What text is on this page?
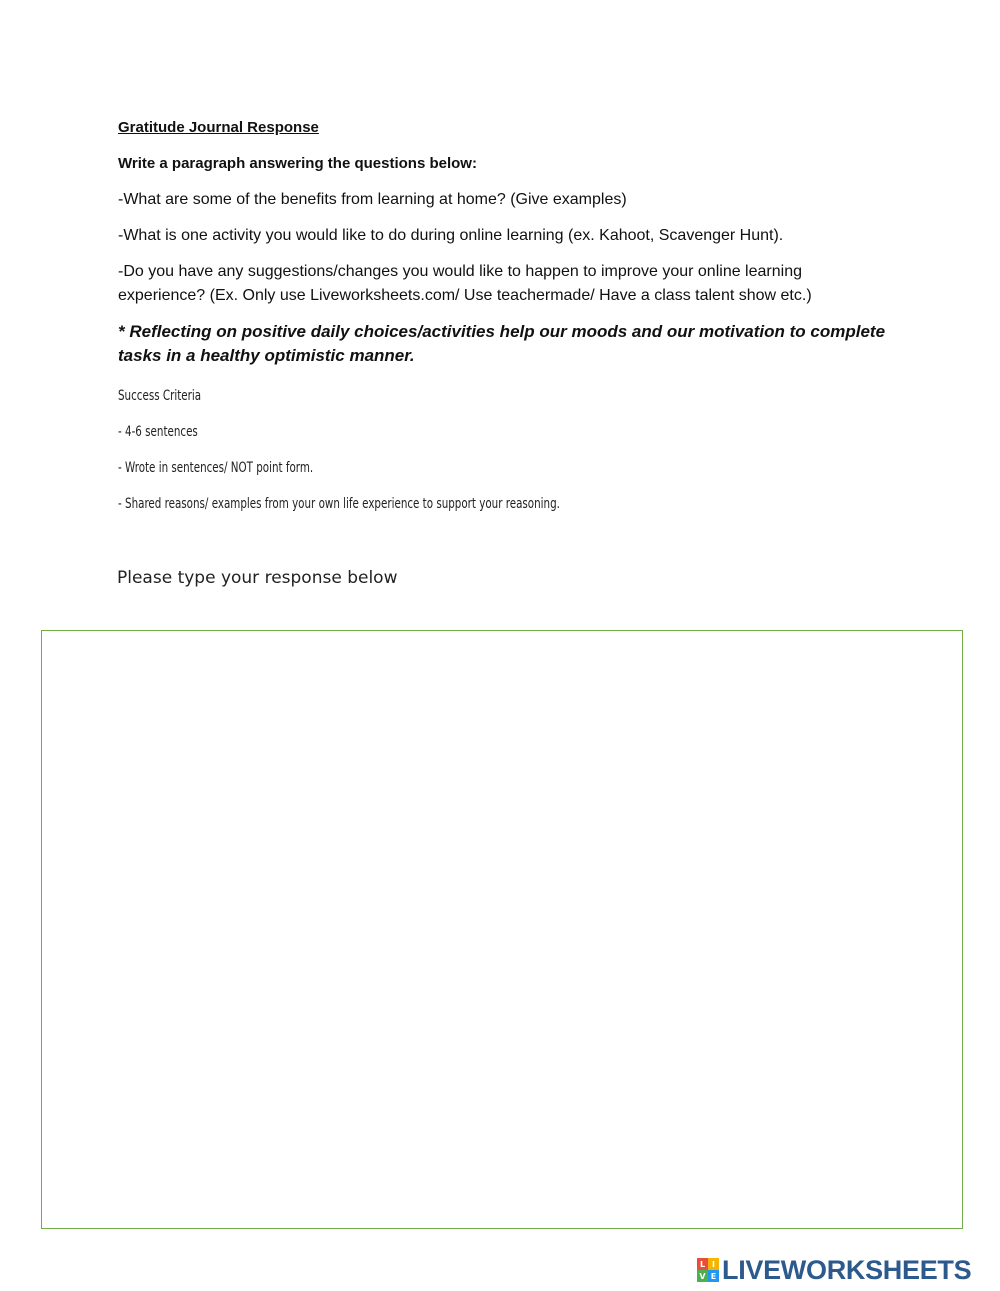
Gratitude Journal Response
Write a paragraph answering the questions below:
-What are some of the benefits from learning at home? (Give examples)
-What is one activity you would like to do during online learning (ex. Kahoot, Scavenger Hunt).
-Do you have any suggestions/changes you would like to happen to improve your online learning experience? (Ex. Only use Liveworksheets.com/ Use teachermade/ Have a class talent show etc.)
* Reflecting on positive daily choices/activities help our moods and our motivation to complete tasks in a healthy optimistic manner.
Success Criteria
- 4-6 sentences
- Wrote in sentences/ NOT point form.
- Shared reasons/ examples from your own life experience to support your reasoning.
Please type your response below
L I
V E LIVEWORKSHEETS
